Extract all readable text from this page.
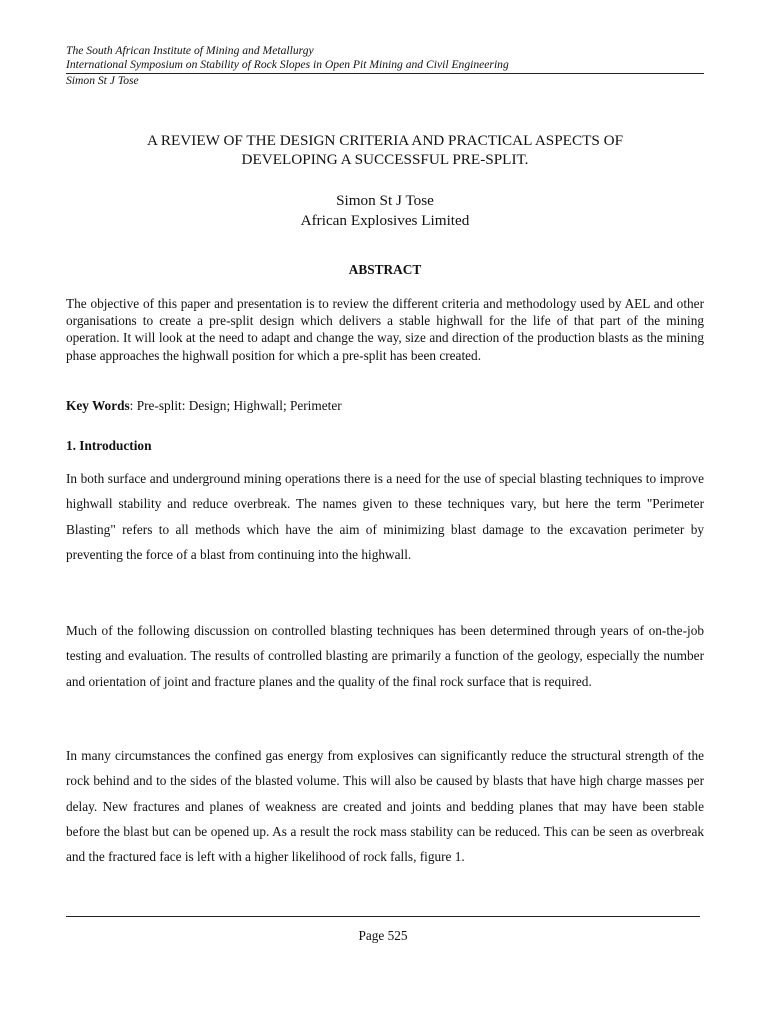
The South African Institute of Mining and Metallurgy
International Symposium on Stability of Rock Slopes in Open Pit Mining and Civil Engineering
Simon St J Tose
A REVIEW OF THE DESIGN CRITERIA AND PRACTICAL ASPECTS OF
DEVELOPING A SUCCESSFUL PRE-SPLIT.
Simon St J Tose
African Explosives Limited
ABSTRACT
The objective of this paper and presentation is to review the different criteria and methodology used by AEL and other organisations to create a pre-split design which delivers a stable highwall for the life of that part of the mining operation. It will look at the need to adapt and change the way, size and direction of the production blasts as the mining phase approaches the highwall position for which a pre-split has been created.
Key Words: Pre-split: Design; Highwall; Perimeter
1. Introduction
In both surface and underground mining operations there is a need for the use of special blasting techniques to improve highwall stability and reduce overbreak. The names given to these techniques vary, but here the term "Perimeter Blasting" refers to all methods which have the aim of minimizing blast damage to the excavation perimeter by preventing the force of a blast from continuing into the highwall.
Much of the following discussion on controlled blasting techniques has been determined through years of on-the-job testing and evaluation. The results of controlled blasting are primarily a function of the geology, especially the number and orientation of joint and fracture planes and the quality of the final rock surface that is required.
In many circumstances the confined gas energy from explosives can significantly reduce the structural strength of the rock behind and to the sides of the blasted volume. This will also be caused by blasts that have high charge masses per delay. New fractures and planes of weakness are created and joints and bedding planes that may have been stable before the blast but can be opened up. As a result the rock mass stability can be reduced. This can be seen as overbreak and the fractured face is left with a higher likelihood of rock falls, figure 1.
Page 525
